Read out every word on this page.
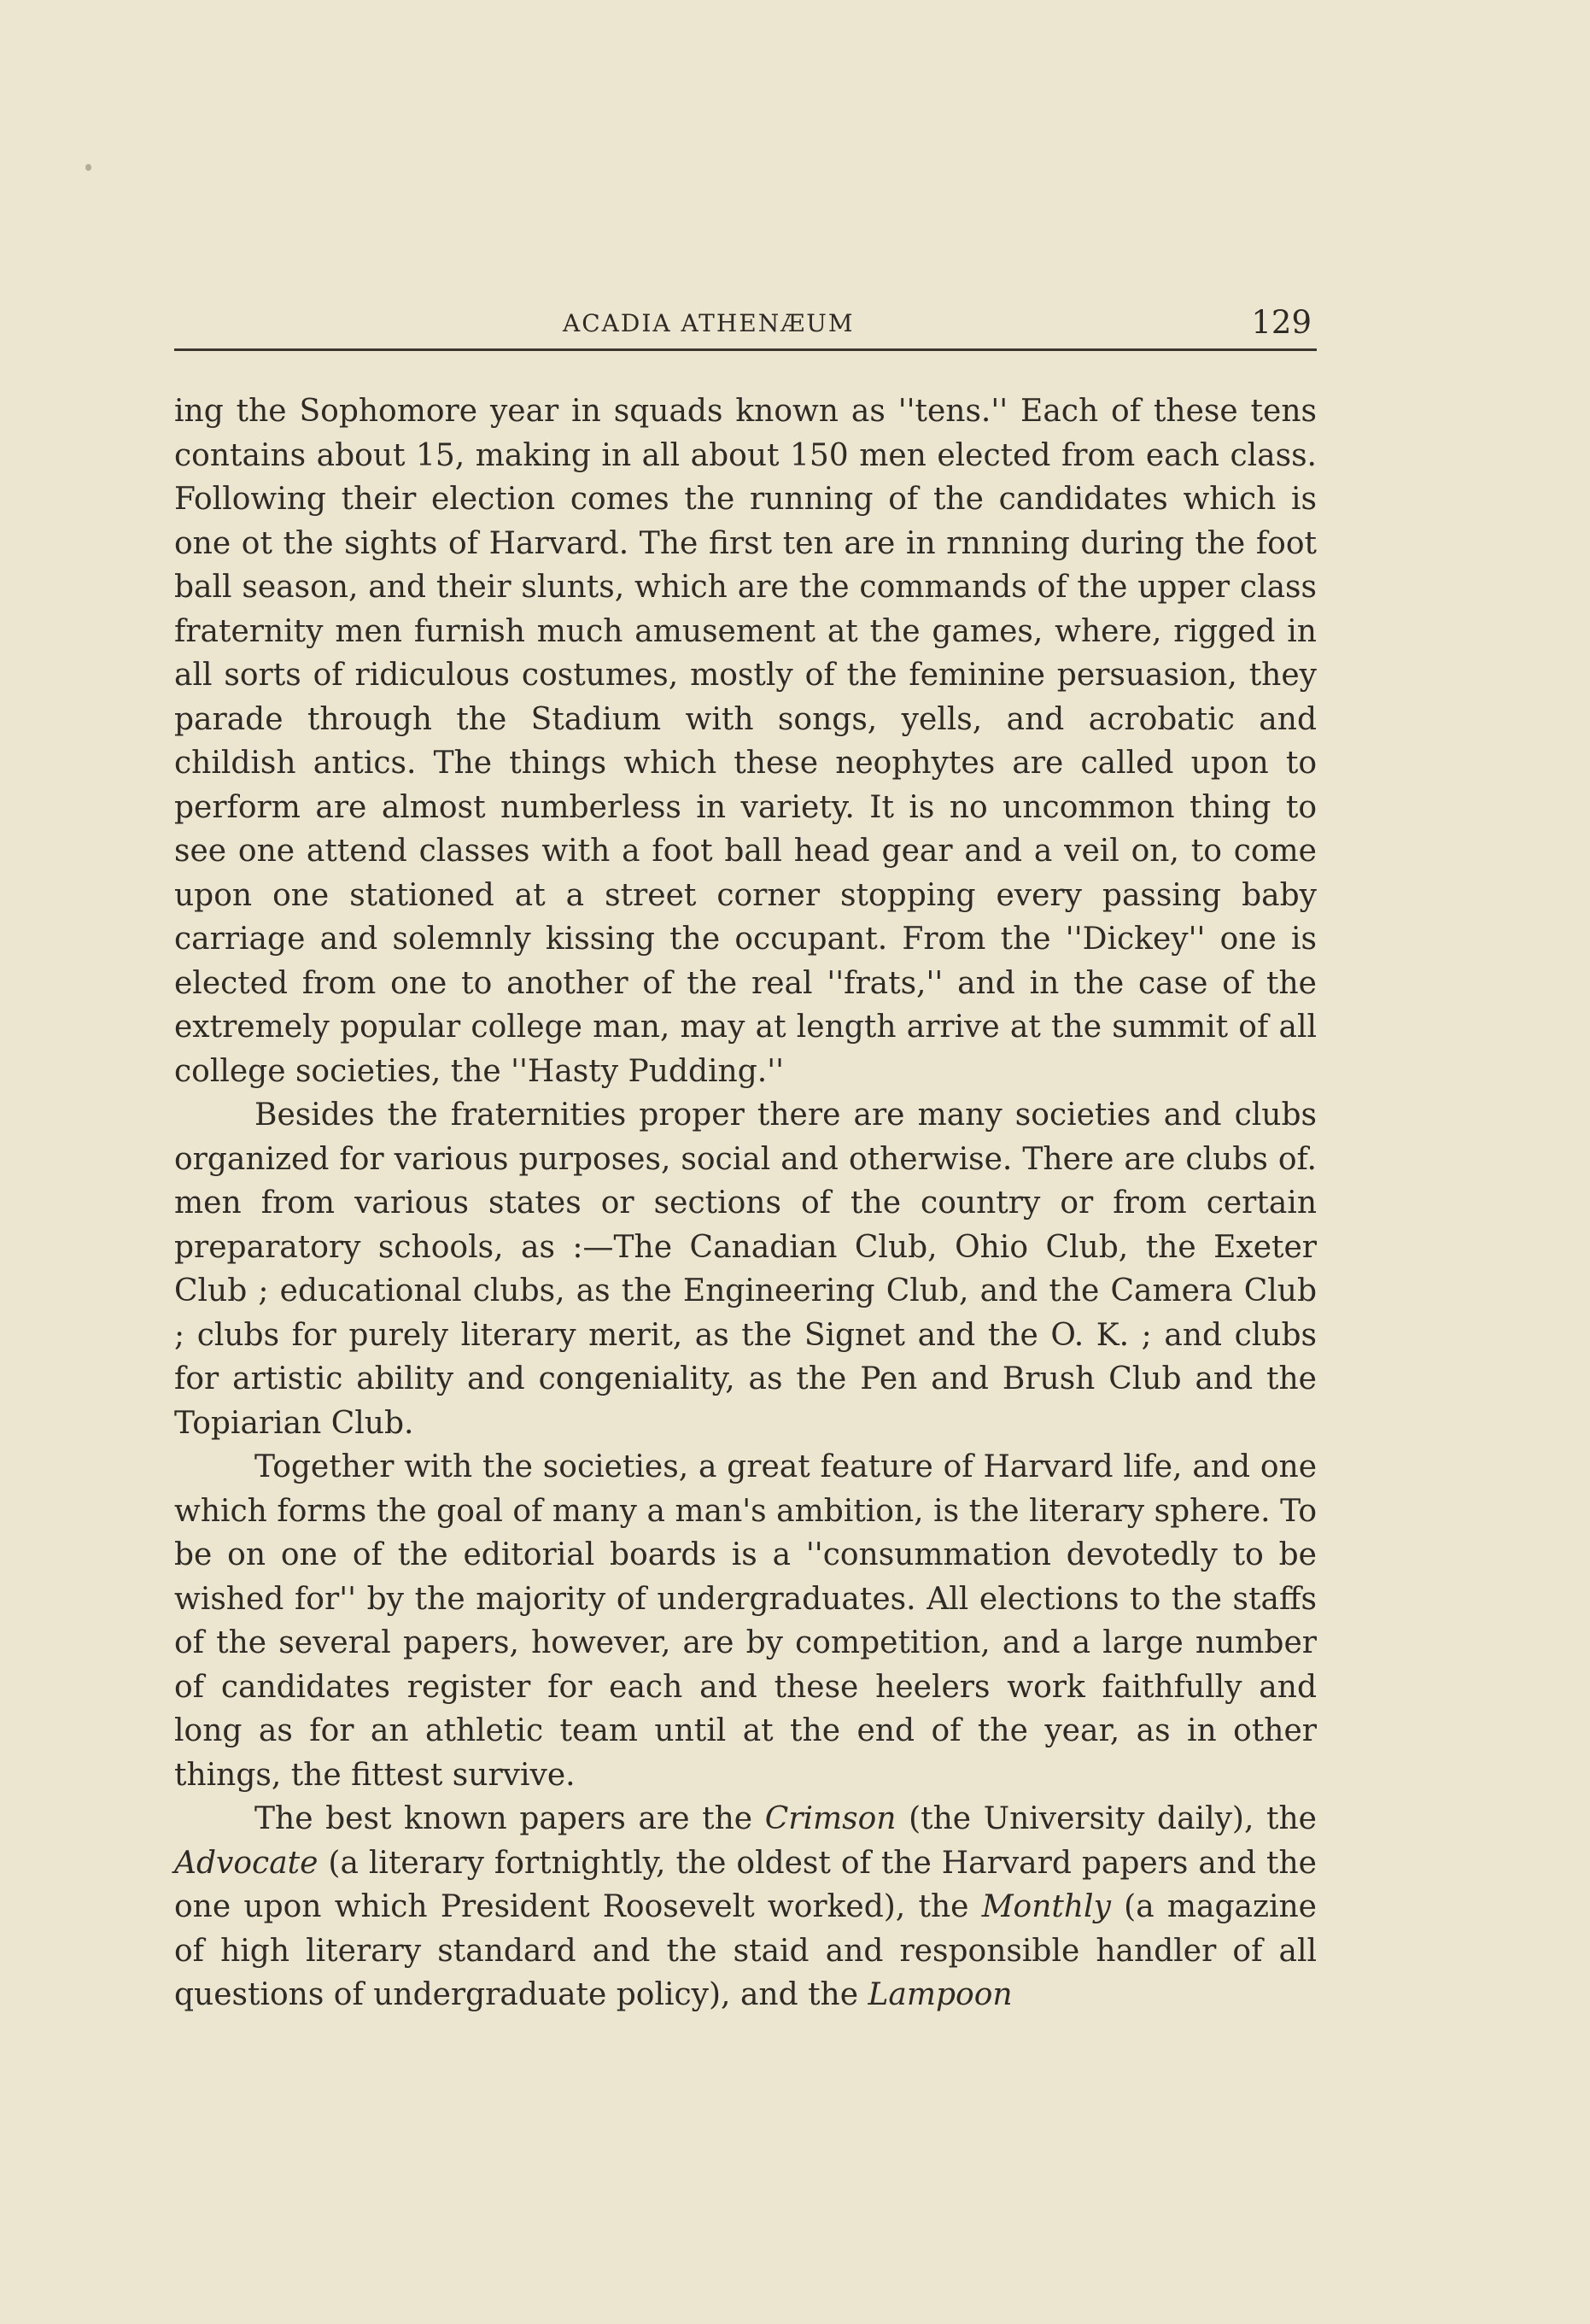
ACADIA ATHENÆUM	129

ing the Sophomore year in squads known as ''tens.'' Each of these tens contains about 15, making in all about 150 men elected from each class. Following their election comes the running of the candidates which is one ot the sights of Harvard. The first ten are in rnnning during the foot ball season, and their slunts, which are the commands of the upper class fraternity men furnish much amusement at the games, where, rigged in all sorts of ridiculous costumes, mostly of the feminine persuasion, they parade through the Stadium with songs, yells, and acrobatic and childish antics. The things which these neophytes are called upon to perform are almost numberless in variety. It is no uncommon thing to see one attend classes with a foot ball head gear and a veil on, to come upon one stationed at a street corner stopping every passing baby carriage and solemnly kissing the occupant. From the ''Dickey'' one is elected from one to another of the real ''frats,'' and in the case of the extremely popular college man, may at length arrive at the summit of all college societies, the ''Hasty Pudding.''

Besides the fraternities proper there are many societies and clubs organized for various purposes, social and otherwise. There are clubs of. men from various states or sections of the country or from certain preparatory schools, as :—The Canadian Club, Ohio Club, the Exeter Club ; educational clubs, as the Engineering Club, and the Camera Club ; clubs for purely literary merit, as the Signet and the O. K. ; and clubs for artistic ability and congeniality, as the Pen and Brush Club and the Topiarian Club.

Together with the societies, a great feature of Harvard life, and one which forms the goal of many a man's ambition, is the literary sphere. To be on one of the editorial boards is a ''consummation devotedly to be wished for'' by the majority of undergraduates. All elections to the staffs of the several papers, however, are by competition, and a large number of candidates register for each and these heelers work faithfully and long as for an athletic team until at the end of the year, as in other things, the fittest survive.

The best known papers are the Crimson (the University daily), the Advocate (a literary fortnightly, the oldest of the Harvard papers and the one upon which President Roosevelt worked), the Monthly (a magazine of high literary standard and the staid and responsible handler of all questions of undergraduate policy), and the Lampoon
